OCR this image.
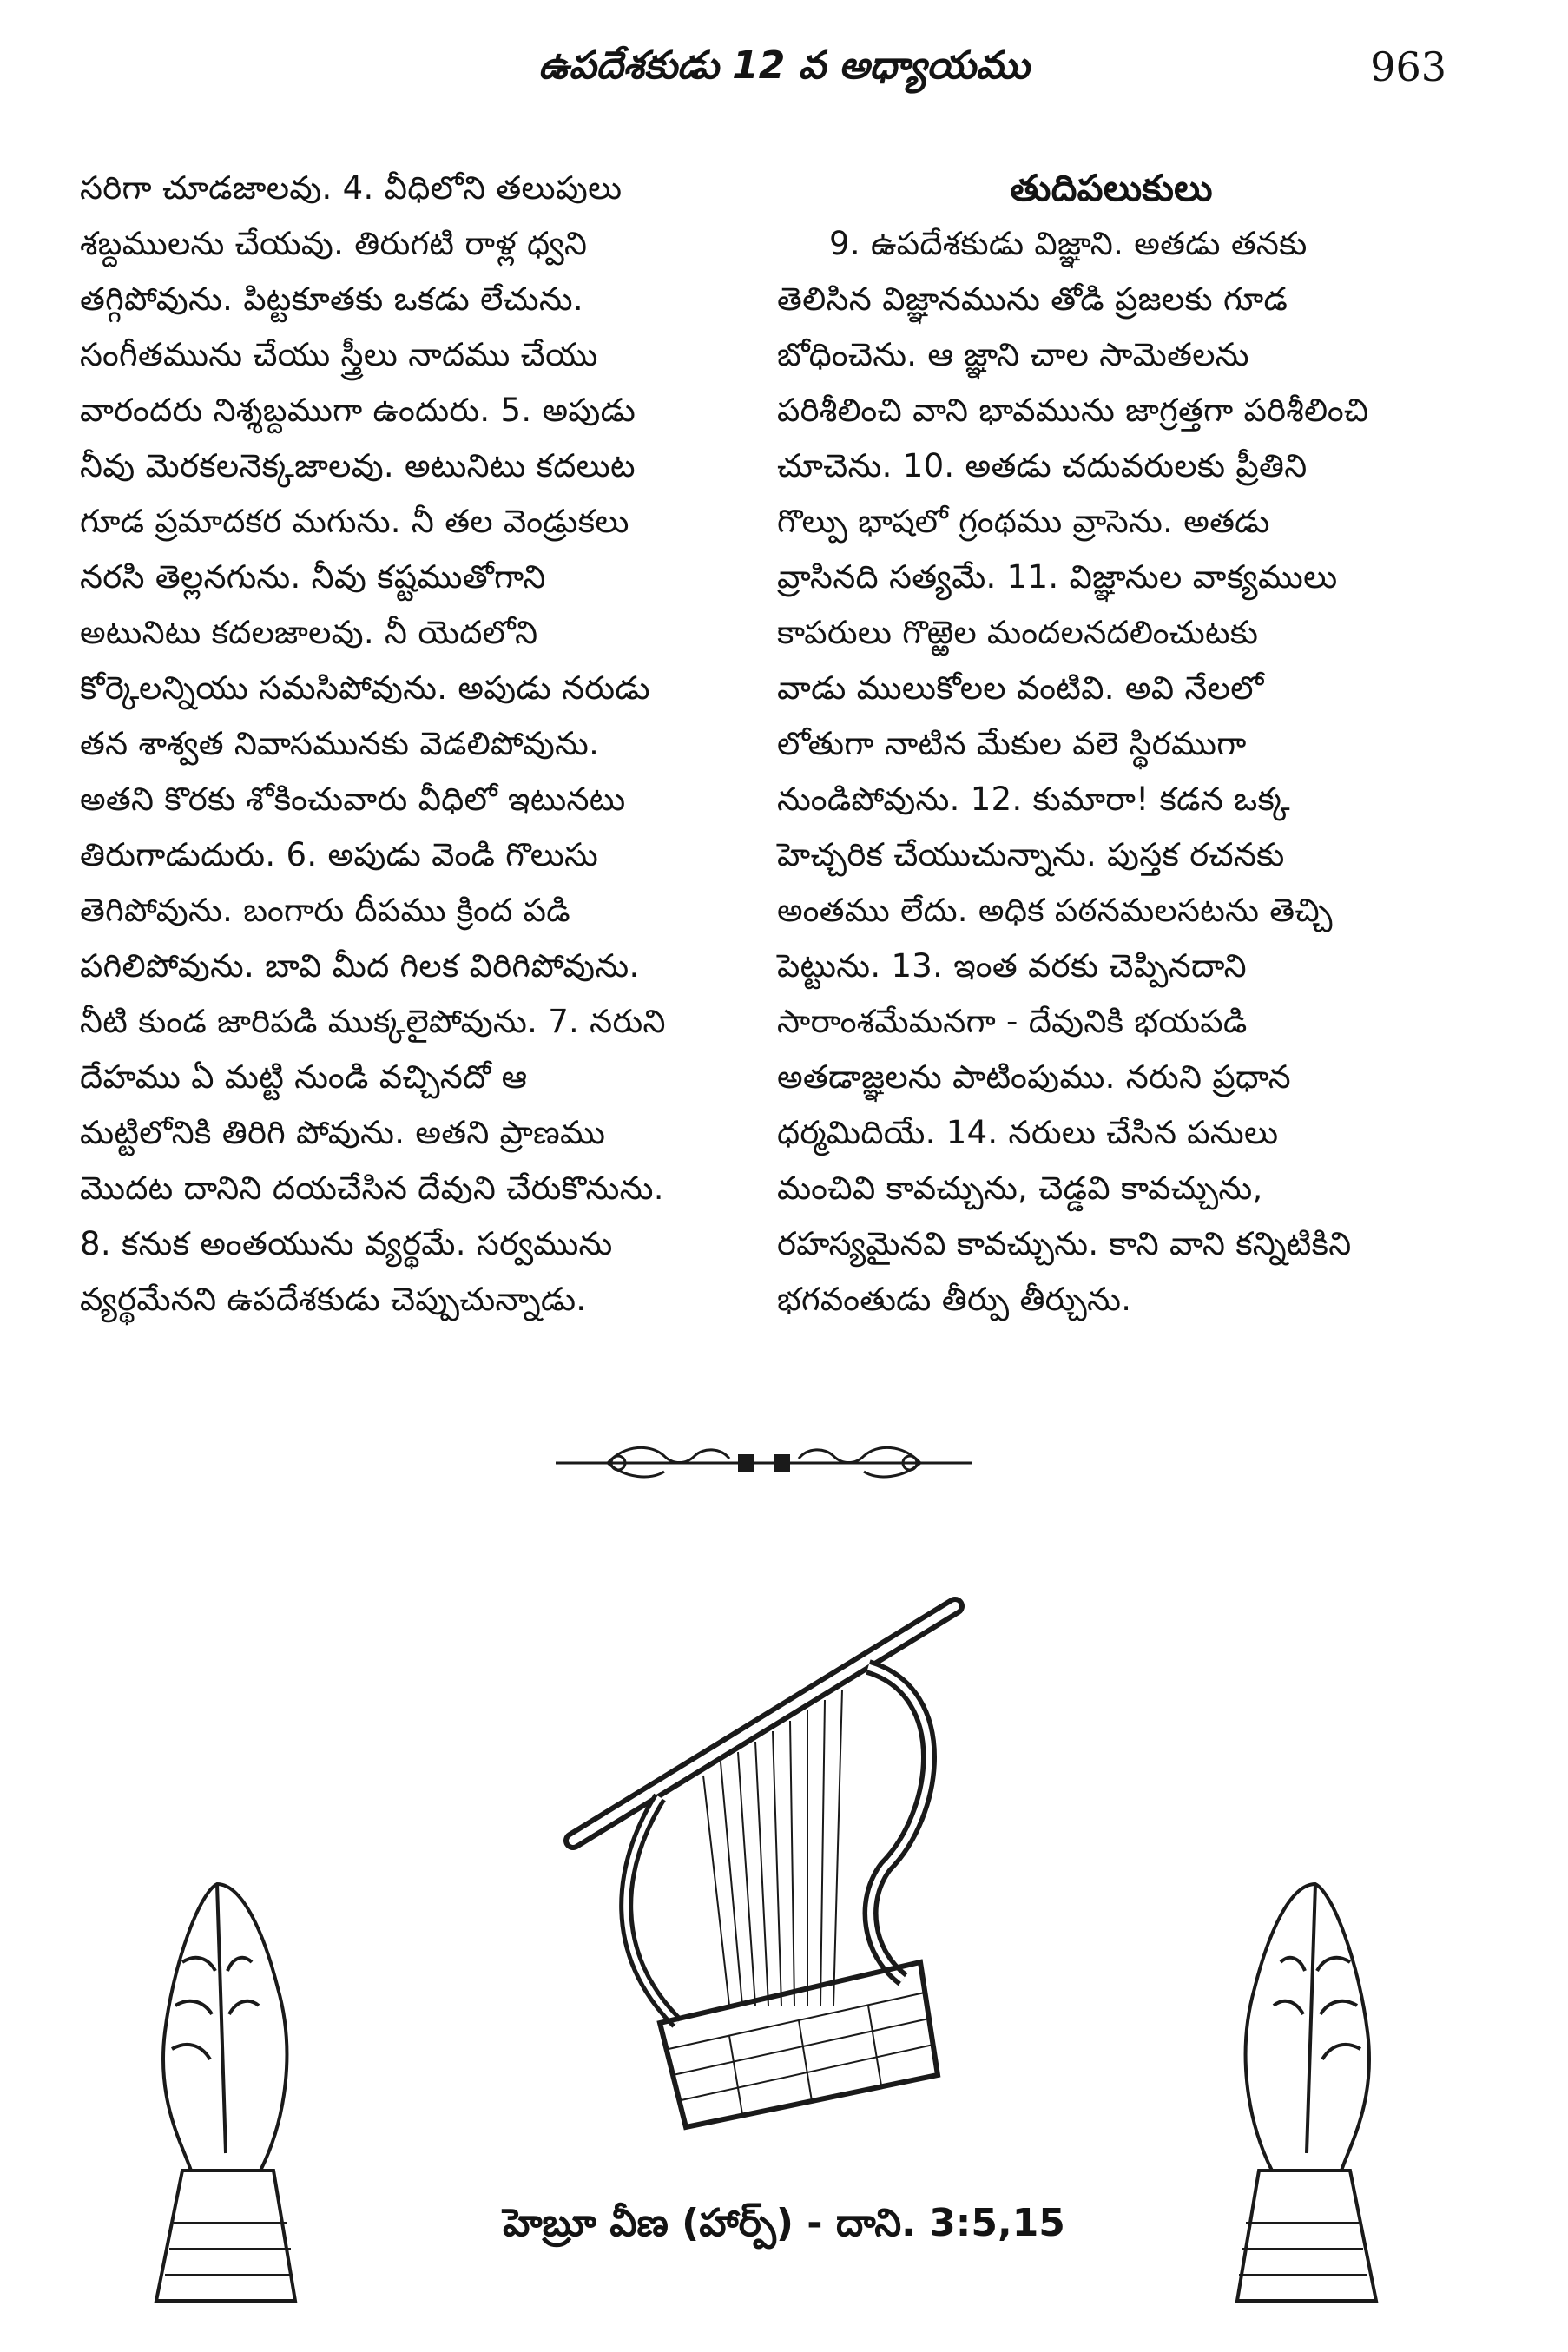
ఉపదేశకుడు 12 వ అధ్యాయము	963
సరిగా చూడజాలవు. 4. వీధిలోని తలుపులు
శబ్దములను చేయవు. తిరుగటి రాళ్ల ధ్వని
తగ్గిపోవును. పిట్టకూతకు ఒకడు లేచును.
సంగీతమును చేయు స్త్రీలు నాదము చేయు
వారందరు నిశ్శబ్దముగా ఉందురు. 5. అపుడు
నీవు మెరకలనెక్కజాలవు. అటునిటు కదలుట
గూడ ప్రమాదకర మగును. నీ తల వెండ్రుకలు
నరసి తెల్లనగును. నీవు కష్టముతోగాని
అటునిటు కదలజాలవు. నీ యెదలోని
కోర్కెలన్నియు సమసిపోవును. అపుడు నరుడు
తన శాశ్వత నివాసమునకు వెడలిపోవును.
అతని కొరకు శోకించువారు వీధిలో ఇటునటు
తిరుగాడుదురు. 6. అపుడు వెండి గొలుసు
తెగిపోవును. బంగారు దీపము క్రింద పడి
పగిలిపోవును. బావి మీద గిలక విరిగిపోవును.
నీటి కుండ జారిపడి ముక్కలైపోవును. 7. నరుని
దేహము ఏ మట్టి నుండి వచ్చినదో ఆ
మట్టిలోనికి తిరిగి పోవును. అతని ప్రాణము
మొదట దానిని దయచేసిన దేవుని చేరుకొనును.
8. కనుక అంతయును వ్యర్థమే. సర్వమును
వ్యర్థమేనని ఉపదేశకుడు చెప్పుచున్నాడు.
తుదిపలుకులు
9. ఉపదేశకుడు విజ్ఞాని. అతడు తనకు
తెలిసిన విజ్ఞానమును తోడి ప్రజలకు గూడ
బోధించెను. ఆ జ్ఞాని చాల సామెతలను
పరిశీలించి వాని భావమును జాగ్రత్తగా పరిశీలించి
చూచెను. 10. అతడు చదువరులకు ప్రీతిని
గొల్పు భాషలో గ్రంథము వ్రాసెను. అతడు
వ్రాసినది సత్యమే. 11. విజ్ఞానుల వాక్యములు
కాపరులు గొఱ్ఱెల మందలనదలించుటకు
వాడు ములుకోలల వంటివి. అవి నేలలో
లోతుగా నాటిన మేకుల వలె స్థిరముగా
నుండిపోవును. 12. కుమారా! కడన ఒక్క
హెచ్చరిక చేయుచున్నాను. పుస్తక రచనకు
అంతము లేదు. అధిక పఠనమలసటను తెచ్చి
పెట్టును. 13. ఇంత వరకు చెప్పినదాని
సారాంశమేమనగా - దేవునికి భయపడి
అతడాజ్ఞలను పాటింపుము. నరుని ప్రధాన
ధర్మమిదియే. 14. నరులు చేసిన పనులు
మంచివి కావచ్చును, చెడ్డవి కావచ్చును,
రహస్యమైనవి కావచ్చును. కాని వాని కన్నిటికిని
భగవంతుడు తీర్పు తీర్చును.
హెబ్రూ వీణ (హార్ప్) - దాని. 3:5,15
